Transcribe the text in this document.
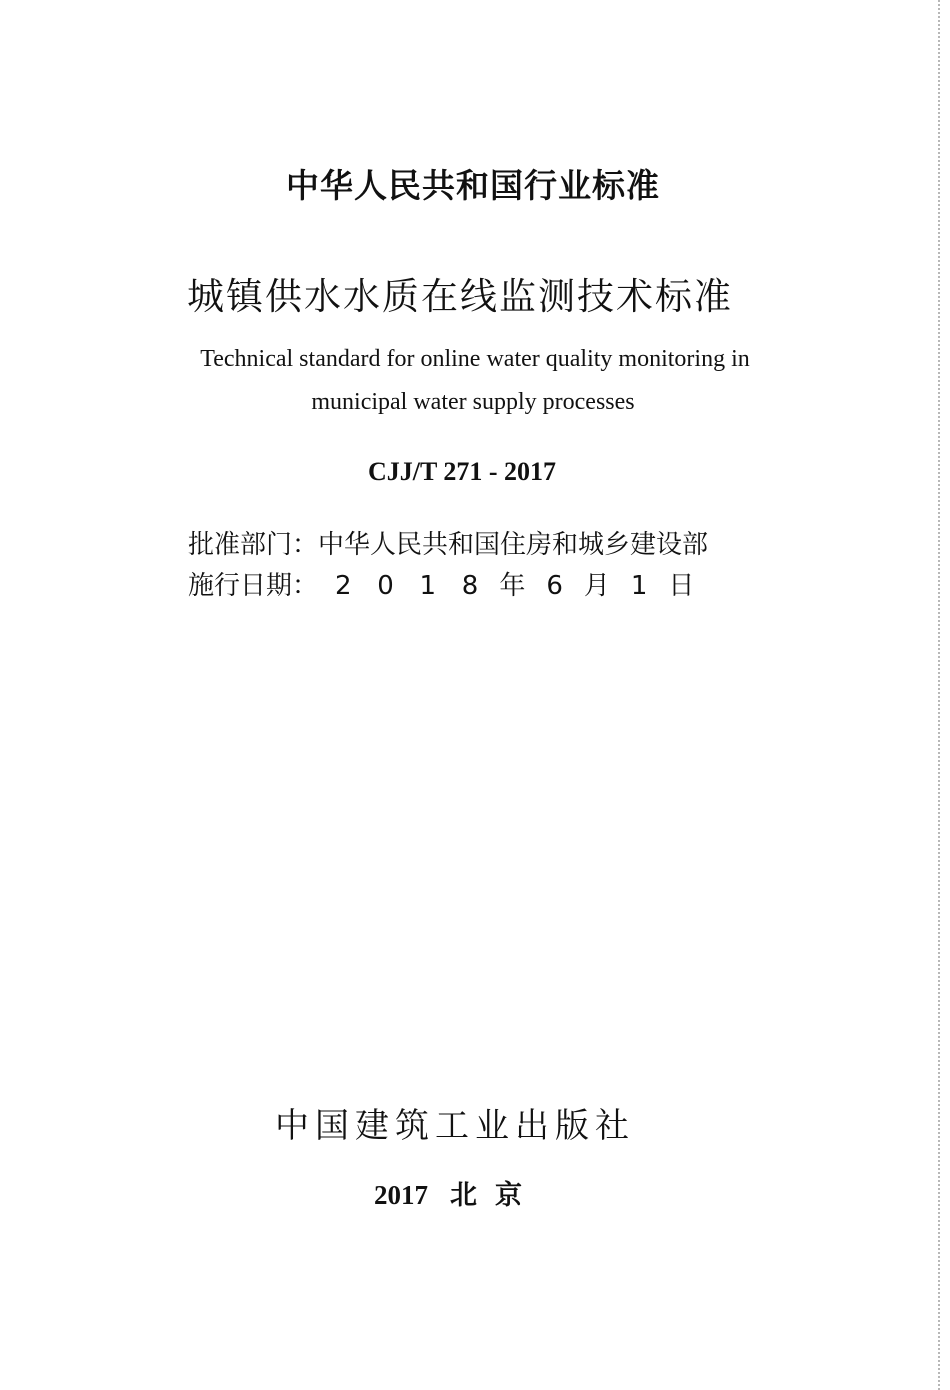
中华人民共和国行业标准
城镇供水水质在线监测技术标准
Technical standard for online water quality monitoring in
municipal water supply processes
CJJ/T 271 - 2017
批准部门：中华人民共和国住房和城乡建设部
施行日期： 2 0 1 8 年 6 月 1 日
中国建筑工业出版社
2017 北京
